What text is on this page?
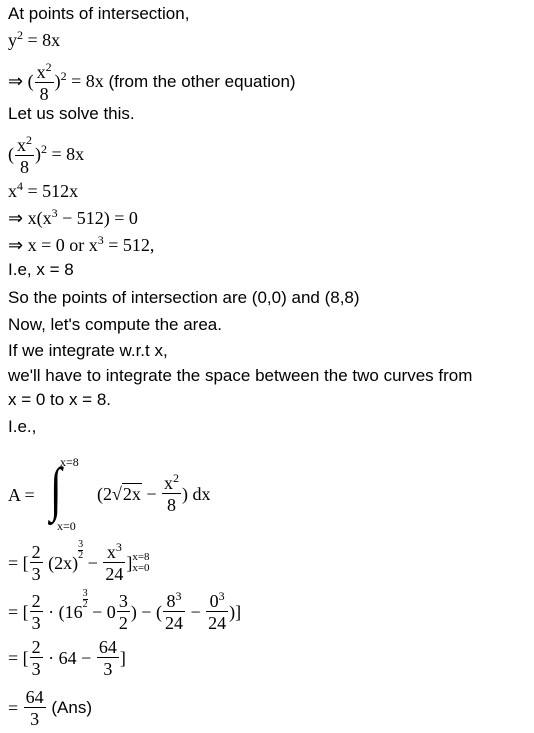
At points of intersection,
$y^2 = 8x$
⇒ ( $\frac{x^2}{8} )^2 = 8x$ (from the other equation)
Let us solve this.
( $\frac{x^2}{8} )^2 = 8x$
$x^4 = 512x$
⇒ $x(x^3 - 512) = 0$
⇒ x = 0 or $x^3 = 512$,
I.e, x = 8
So the points of intersection are (0,0) and (8,8)
Now, let's compute the area.
If we integrate w.r.t x,
we'll have to integrate the space between the two curves from
x = 0 to x = 8.
I.e.,
A = ∫
x=8
x=0
($2√2x - \frac{x^2}{8}$ ) dx
= [ $\frac{2}{3} (2x)$
$\frac{3}{2}$
− $\frac{x^3}{24}$ ] x=8
x=0
= [ $\frac{2}{3} \cdot (16$
$\frac{3}{2}$
− $0 \frac{3}{2}$ ) − ( $\frac{8^3}{24} - \frac{0^3}{24}$ )]
= [ $\frac{2}{3} \cdot 64 - \frac{64}{3}$ ]
= $\frac{64}{3} (Ans)$
